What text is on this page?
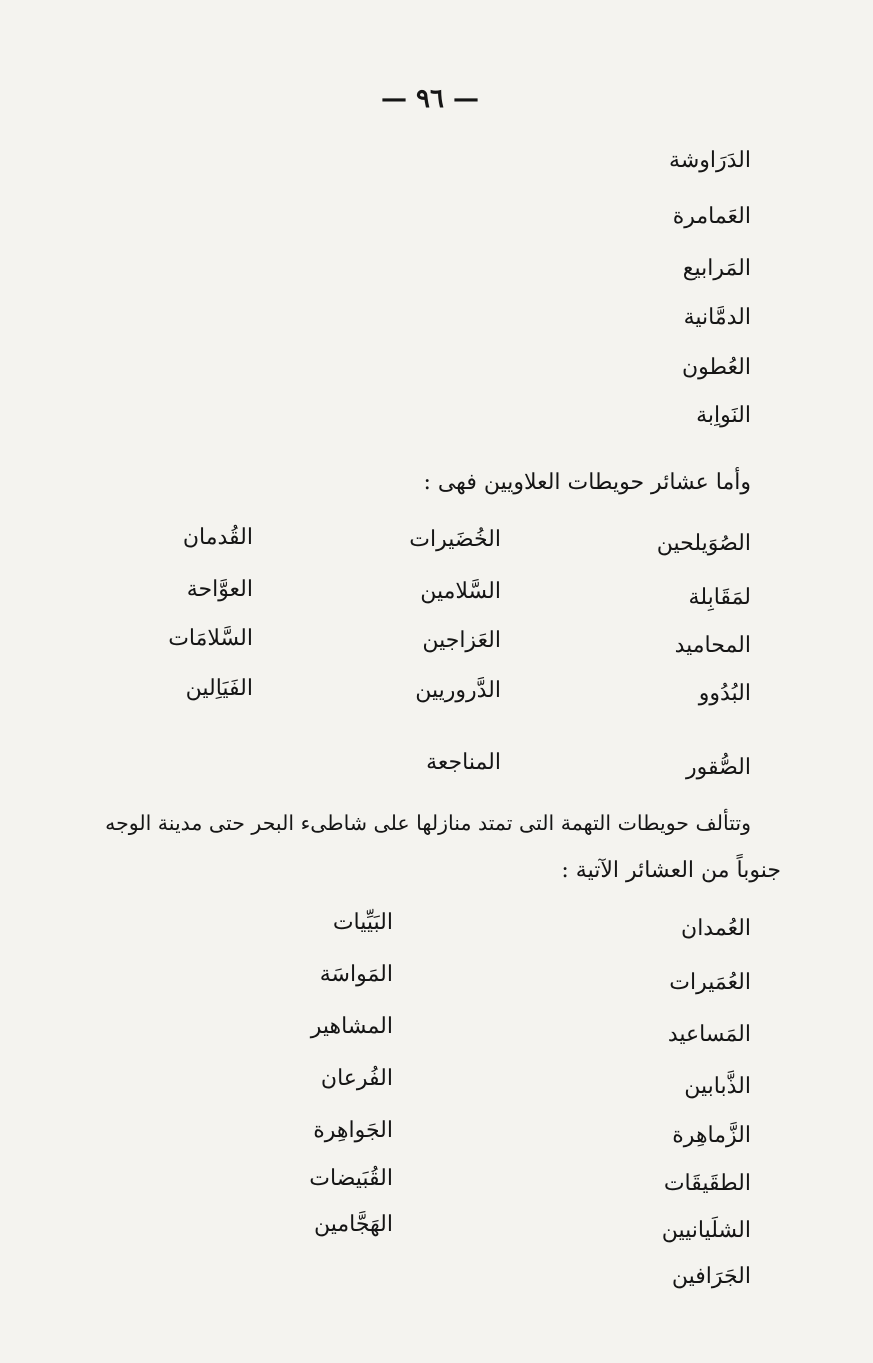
— ٩٦ —
الدَرَاوشة
العَمامرة
المَرابيع
الدمَّانية
العُطون
النَواِبة
وأما عشائر حويطات العلاويين فهى :
الصُوَيلحين
لمَقَابِلة
المحاميد
البُدُوو
الصُّقور
الخُضَيرات
السَّلامين
العَزاجين
الدَّروريين
المناجعة
القُدمان
العوَّاحة
السَّلامَات
الفَيَاِلين
وتتألف حويطات التهمة التى تمتد منازلها على شاطىء البحر حتى مدينة الوجه
جنوباً من العشائر الآتية :
العُمدان
العُمَيرات
المَساعيد
الذَّبابين
الزَّماهِرة
الطقَيقَات
الشلَيانيين
الجَرَافين
البَيِّيات
المَواسَة
المشاهير
الفُرعان
الجَواهِرة
القُبَيضات
الهَجَّامين
